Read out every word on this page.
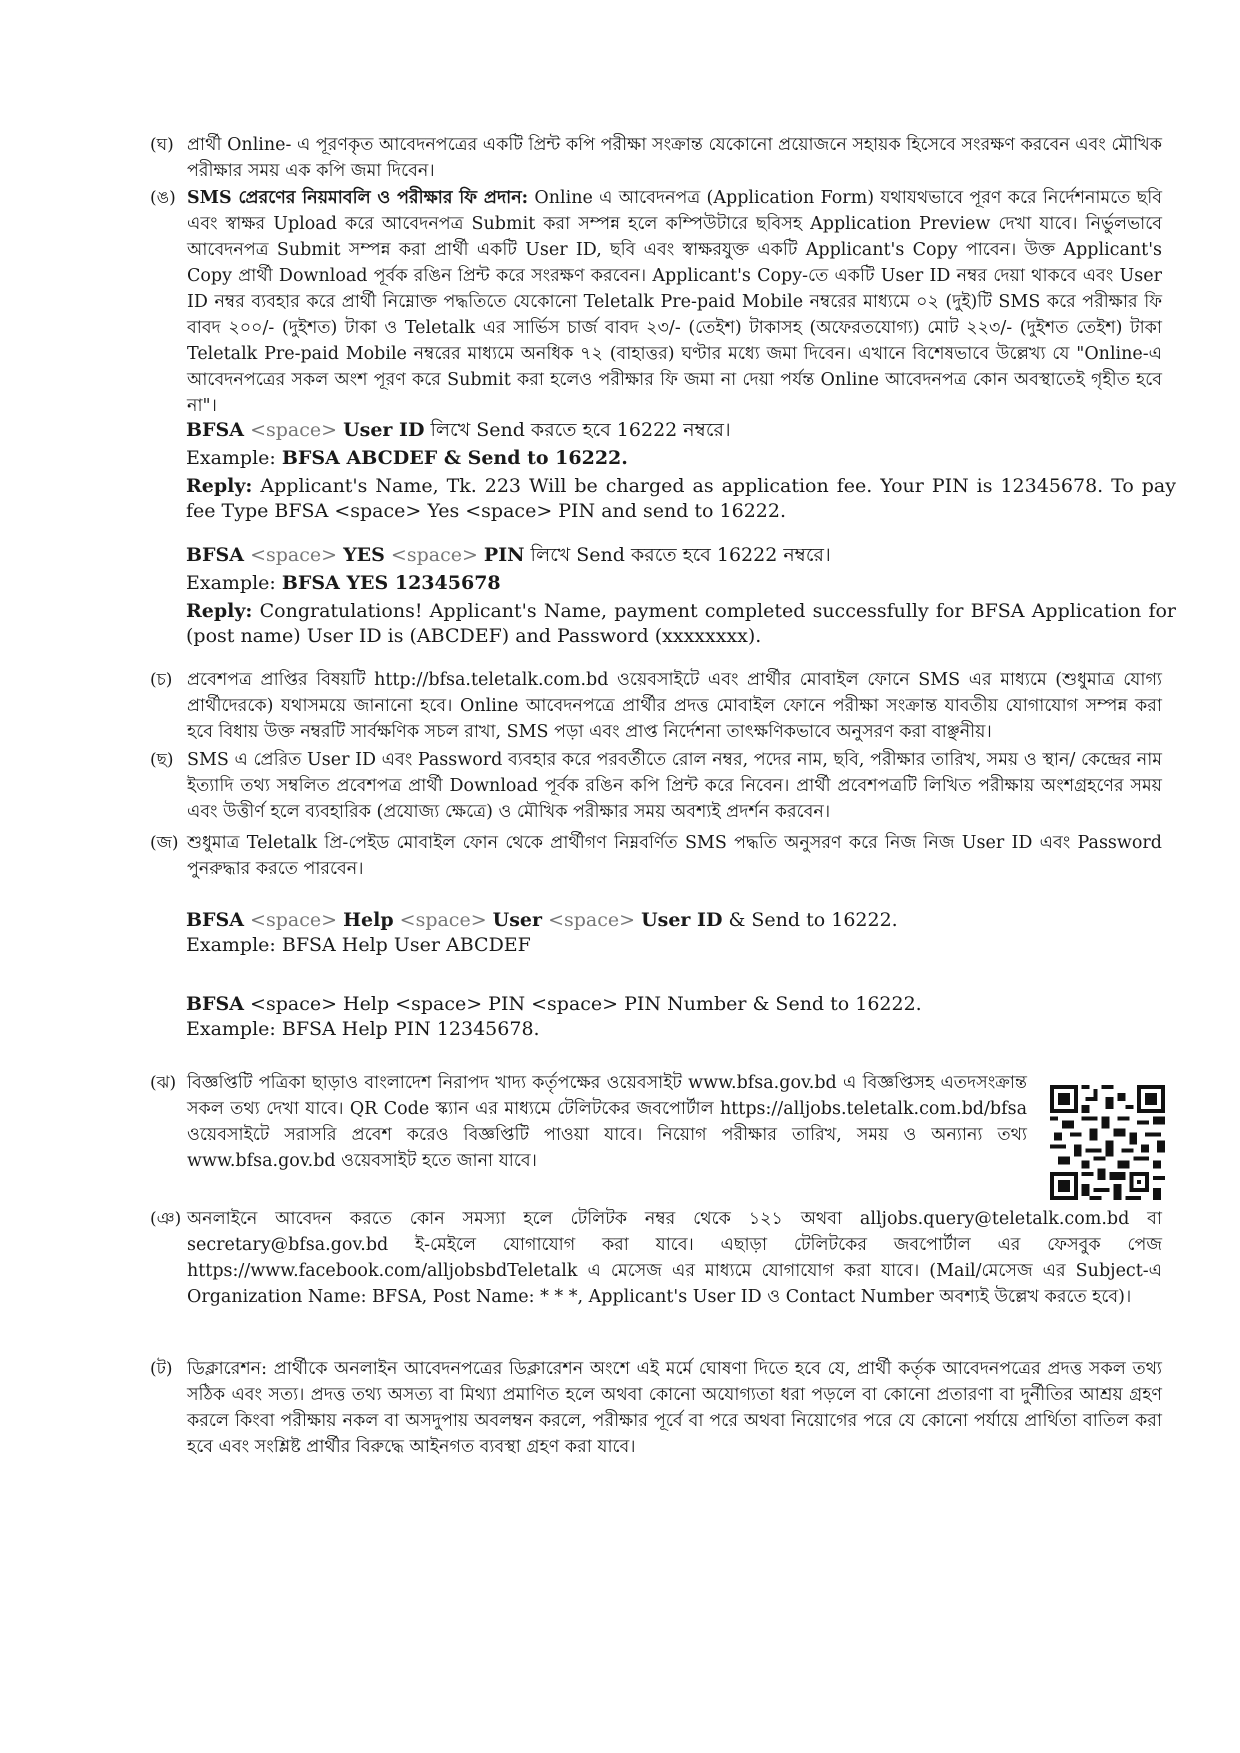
(ঘ) প্রার্থী Online- এ পূরণকৃত আবেদনপত্রের একটি প্রিন্ট কপি পরীক্ষা সংক্রান্ত যেকোনো প্রয়োজনে সহায়ক হিসেবে সংরক্ষণ করবেন এবং মৌখিক পরীক্ষার সময় এক কপি জমা দিবেন।
(ঙ) SMS প্রেরণের নিয়মাবলি ও পরীক্ষার ফি প্রদান: Online এ আবেদনপত্র (Application Form) যথাযথভাবে পূরণ করে নির্দেশনামতে ছবি এবং স্বাক্ষর Upload করে আবেদনপত্র Submit করা সম্পন্ন হলে কম্পিউটারে ছবিসহ Application Preview দেখা যাবে। নির্ভুলভাবে আবেদনপত্র Submit সম্পন্ন করা প্রার্থী একটি User ID, ছবি এবং স্বাক্ষরযুক্ত একটি Applicant's Copy পাবেন। উক্ত Applicant's Copy প্রার্থী Download পূর্বক রঙিন প্রিন্ট করে সংরক্ষণ করবেন। Applicant's Copy-তে একটি User ID নম্বর দেয়া থাকবে এবং User ID নম্বর ব্যবহার করে প্রার্থী নিম্নোক্ত পদ্ধতিতে যেকোনো Teletalk Pre-paid Mobile নম্বরের মাধ্যমে ০২ (দুই)টি SMS করে পরীক্ষার ফি বাবদ ২০০/- (দুইশত) টাকা ও Teletalk এর সার্ভিস চার্জ বাবদ ২৩/- (তেইশ) টাকাসহ (অফেরতযোগ্য) মোট ২২৩/- (দুইশত তেইশ) টাকা Teletalk Pre-paid Mobile নম্বরের মাধ্যমে অনধিক ৭২ (বাহাত্তর) ঘণ্টার মধ্যে জমা দিবেন। এখানে বিশেষভাবে উল্লেখ্য যে "Online-এ আবেদনপত্রের সকল অংশ পূরণ করে Submit করা হলেও পরীক্ষার ফি জমা না দেয়া পর্যন্ত Online আবেদনপত্র কোন অবস্থাতেই গৃহীত হবে না"।

BFSA <space> User ID লিখে Send করতে হবে 16222 নম্বরে।

Example: BFSA ABCDEF & Send to 16222.

Reply: Applicant's Name, Tk. 223 Will be charged as application fee. Your PIN is 12345678. To pay fee Type BFSA <space> Yes <space> PIN and send to 16222.

BFSA <space> YES <space> PIN লিখে Send করতে হবে 16222 নম্বরে।

Example: BFSA YES 12345678

Reply: Congratulations! Applicant's Name, payment completed successfully for BFSA Application for (post name) User ID is (ABCDEF) and Password (xxxxxxxx).

(চ) প্রবেশপত্র প্রাপ্তির বিষয়টি http://bfsa.teletalk.com.bd ওয়েবসাইটে এবং প্রার্থীর মোবাইল ফোনে SMS এর মাধ্যমে (শুধুমাত্র যোগ্য প্রার্থীদেরকে) যথাসময়ে জানানো হবে। Online আবেদনপত্রে প্রার্থীর প্রদত্ত মোবাইল ফোনে পরীক্ষা সংক্রান্ত যাবতীয় যোগাযোগ সম্পন্ন করা হবে বিধায় উক্ত নম্বরটি সার্বক্ষণিক সচল রাখা, SMS পড়া এবং প্রাপ্ত নির্দেশনা তাৎক্ষণিকভাবে অনুসরণ করা বাঞ্ছনীয়।
(ছ) SMS এ প্রেরিত User ID এবং Password ব্যবহার করে পরবর্তীতে রোল নম্বর, পদের নাম, ছবি, পরীক্ষার তারিখ, সময় ও স্থান/ কেন্দ্রের নাম ইত্যাদি তথ্য সম্বলিত প্রবেশপত্র প্রার্থী Download পূর্বক রঙিন কপি প্রিন্ট করে নিবেন। প্রার্থী প্রবেশপত্রটি লিখিত পরীক্ষায় অংশগ্রহণের সময় এবং উত্তীর্ণ হলে ব্যবহারিক (প্রযোজ্য ক্ষেত্রে) ও মৌখিক পরীক্ষার সময় অবশ্যই প্রদর্শন করবেন।
(জ) শুধুমাত্র Teletalk প্রি-পেইড মোবাইল ফোন থেকে প্রার্থীগণ নিম্নবর্ণিত SMS পদ্ধতি অনুসরণ করে নিজ নিজ User ID এবং Password পুনরুদ্ধার করতে পারবেন।

BFSA <space> Help <space> User <space> User ID & Send to 16222.

Example: BFSA Help User ABCDEF

BFSA <space> Help <space> PIN <space> PIN Number & Send to 16222.

Example: BFSA Help PIN 12345678.

(ঝ) বিজ্ঞপ্তিটি পত্রিকা ছাড়াও বাংলাদেশ নিরাপদ খাদ্য কর্তৃপক্ষের ওয়েবসাইট www.bfsa.gov.bd এ বিজ্ঞপ্তিসহ এতদসংক্রান্ত সকল তথ্য দেখা যাবে। QR Code স্ক্যান এর মাধ্যমে টেলিটকের জবপোর্টাল https://alljobs.teletalk.com.bd/bfsa ওয়েবসাইটে সরাসরি প্রবেশ করেও বিজ্ঞপ্তিটি পাওয়া যাবে। নিয়োগ পরীক্ষার তারিখ, সময় ও অন্যান্য তথ্য www.bfsa.gov.bd ওয়েবসাইট হতে জানা যাবে।
(ঞ) অনলাইনে আবেদন করতে কোন সমস্যা হলে টেলিটক নম্বর থেকে ১২১ অথবা alljobs.query@teletalk.com.bd বা secretary@bfsa.gov.bd ই-মেইলে যোগাযোগ করা যাবে। এছাড়া টেলিটকের জবপোর্টাল এর ফেসবুক পেজ https://www.facebook.com/alljobsbdTeletalk এ মেসেজ এর মাধ্যমে যোগাযোগ করা যাবে। (Mail/মেসেজ এর Subject-এ Organization Name: BFSA, Post Name: * * *, Applicant's User ID ও Contact Number অবশ্যই উল্লেখ করতে হবে)।
(ট) ডিক্লারেশন: প্রার্থীকে অনলাইন আবেদনপত্রের ডিক্লারেশন অংশে এই মর্মে ঘোষণা দিতে হবে যে, প্রার্থী কর্তৃক আবেদনপত্রের প্রদত্ত সকল তথ্য সঠিক এবং সত্য। প্রদত্ত তথ্য অসত্য বা মিথ্যা প্রমাণিত হলে অথবা কোনো অযোগ্যতা ধরা পড়লে বা কোনো প্রতারণা বা দুর্নীতির আশ্রয় গ্রহণ করলে কিংবা পরীক্ষায় নকল বা অসদুপায় অবলম্বন করলে, পরীক্ষার পূর্বে বা পরে অথবা নিয়োগের পরে যে কোনো পর্যায়ে প্রার্থিতা বাতিল করা হবে এবং সংশ্লিষ্ট প্রার্থীর বিরুদ্ধে আইনগত ব্যবস্থা গ্রহণ করা যাবে।
